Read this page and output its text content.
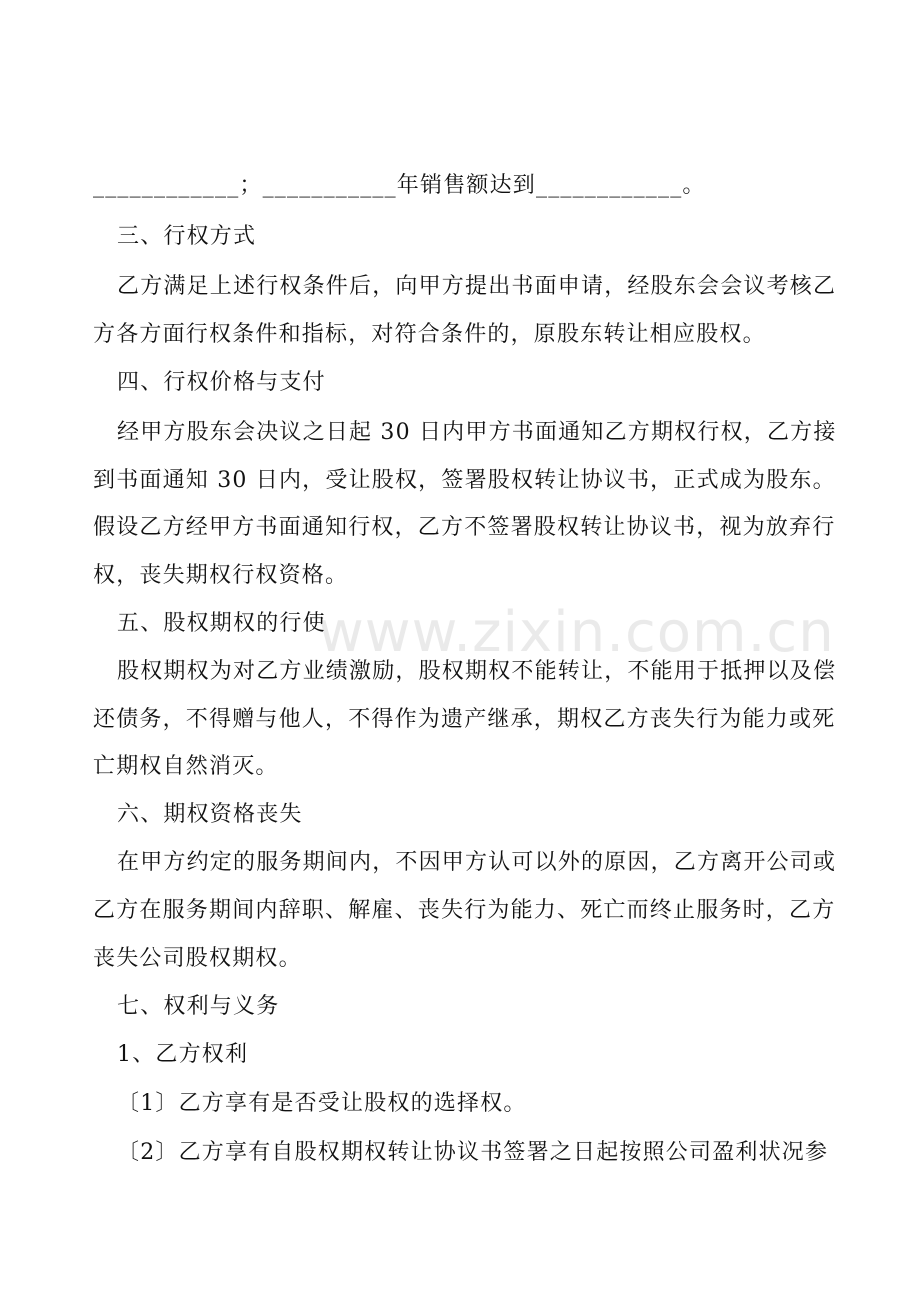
www.zixin.com.cn
____________；___________年销售额达到____________。
三、行权方式
乙方满足上述行权条件后，向甲方提出书面申请，经股东会会议考核乙
方各方面行权条件和指标，对符合条件的，原股东转让相应股权。
四、行权价格与支付
经甲方股东会决议之日起 30 日内甲方书面通知乙方期权行权，乙方接
到书面通知 30 日内，受让股权，签署股权转让协议书，正式成为股东。
假设乙方经甲方书面通知行权，乙方不签署股权转让协议书，视为放弃行
权，丧失期权行权资格。
五、股权期权的行使
股权期权为对乙方业绩激励，股权期权不能转让，不能用于抵押以及偿
还债务，不得赠与他人，不得作为遗产继承，期权乙方丧失行为能力或死
亡期权自然消灭。
六、期权资格丧失
在甲方约定的服务期间内，不因甲方认可以外的原因，乙方离开公司或
乙方在服务期间内辞职、解雇、丧失行为能力、死亡而终止服务时，乙方
丧失公司股权期权。
七、权利与义务
1、乙方权利
〔1〕乙方享有是否受让股权的选择权。
〔2〕乙方享有自股权期权转让协议书签署之日起按照公司盈利状况参
